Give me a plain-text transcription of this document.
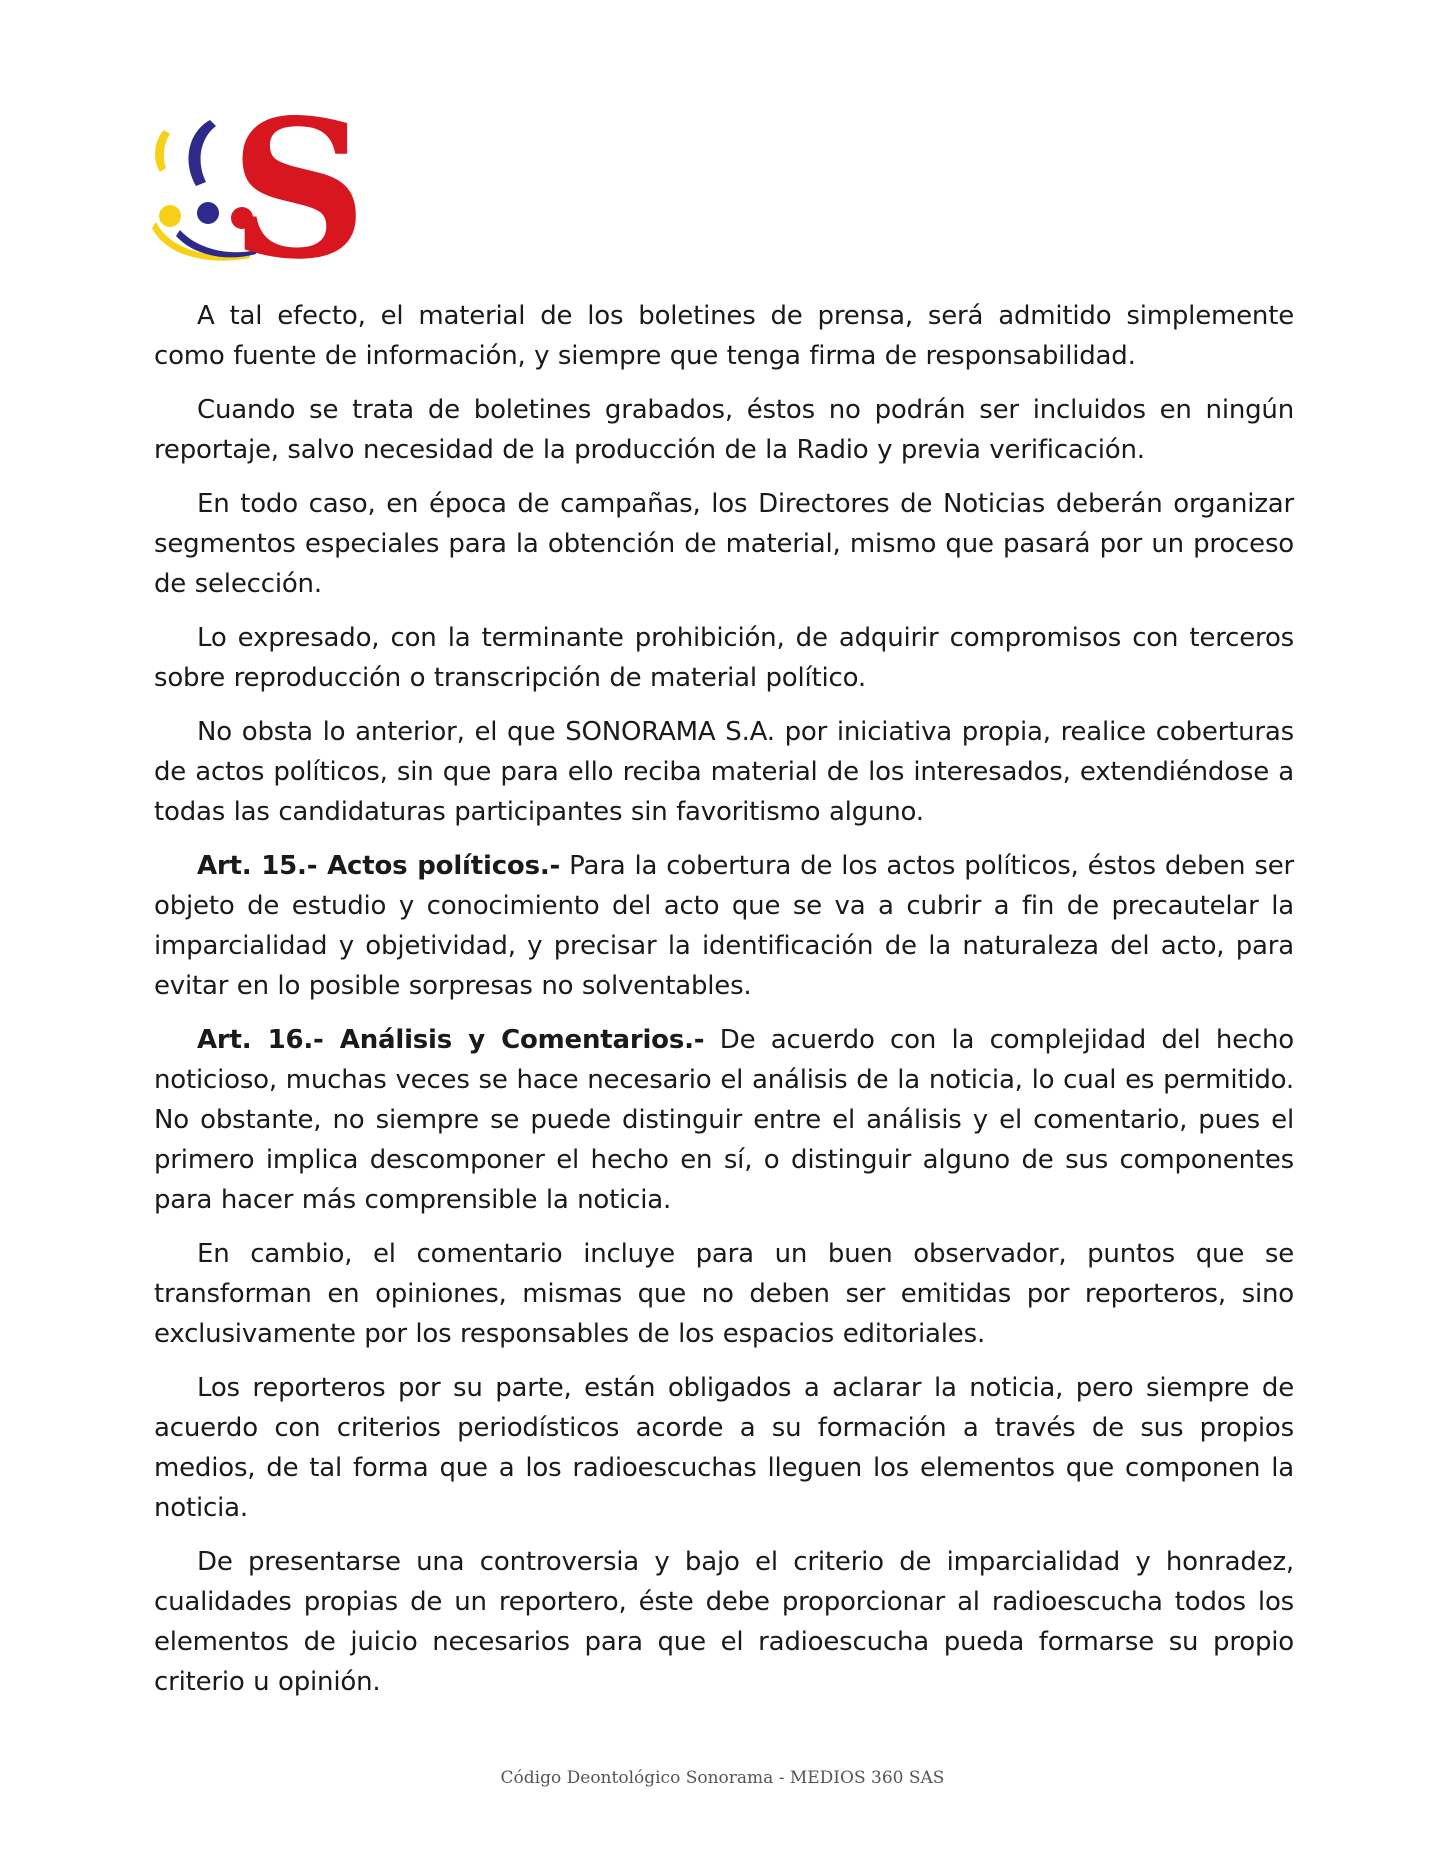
S

A tal efecto, el material de los boletines de prensa, será admitido simplemente como fuente de información, y siempre que tenga firma de responsabilidad.

Cuando se trata de boletines grabados, éstos no podrán ser incluidos en ningún reportaje, salvo necesidad de la producción de la Radio y previa verificación.

En todo caso, en época de campañas, los Directores de Noticias deberán organizar segmentos especiales para la obtención de material, mismo que pasará por un proceso de selección.

Lo expresado, con la terminante prohibición, de adquirir compromisos con terceros sobre reproducción o transcripción de material político.

No obsta lo anterior, el que SONORAMA S.A. por iniciativa propia, realice coberturas de actos políticos, sin que para ello reciba material de los interesados, extendiéndose a todas las candidaturas participantes sin favoritismo alguno.

Art. 15.- Actos políticos.- Para la cobertura de los actos políticos, éstos deben ser objeto de estudio y conocimiento del acto que se va a cubrir a fin de precautelar la imparcialidad y objetividad, y precisar la identificación de la naturaleza del acto, para evitar en lo posible sorpresas no solventables.

Art. 16.- Análisis y Comentarios.- De acuerdo con la complejidad del hecho noticioso, muchas veces se hace necesario el análisis de la noticia, lo cual es permitido. No obstante, no siempre se puede distinguir entre el análisis y el comentario, pues el primero implica descomponer el hecho en sí, o distinguir alguno de sus componentes para hacer más comprensible la noticia.

En cambio, el comentario incluye para un buen observador, puntos que se transforman en opiniones, mismas que no deben ser emitidas por reporteros, sino exclusivamente por los responsables de los espacios editoriales.

Los reporteros por su parte, están obligados a aclarar la noticia, pero siempre de acuerdo con criterios periodísticos acorde a su formación a través de sus propios medios, de tal forma que a los radioescuchas lleguen los elementos que componen la noticia.

De presentarse una controversia y bajo el criterio de imparcialidad y honradez, cualidades propias de un reportero, éste debe proporcionar al radioescucha todos los elementos de juicio necesarios para que el radioescucha pueda formarse su propio criterio u opinión.

Código Deontológico Sonorama - MEDIOS 360 SAS
